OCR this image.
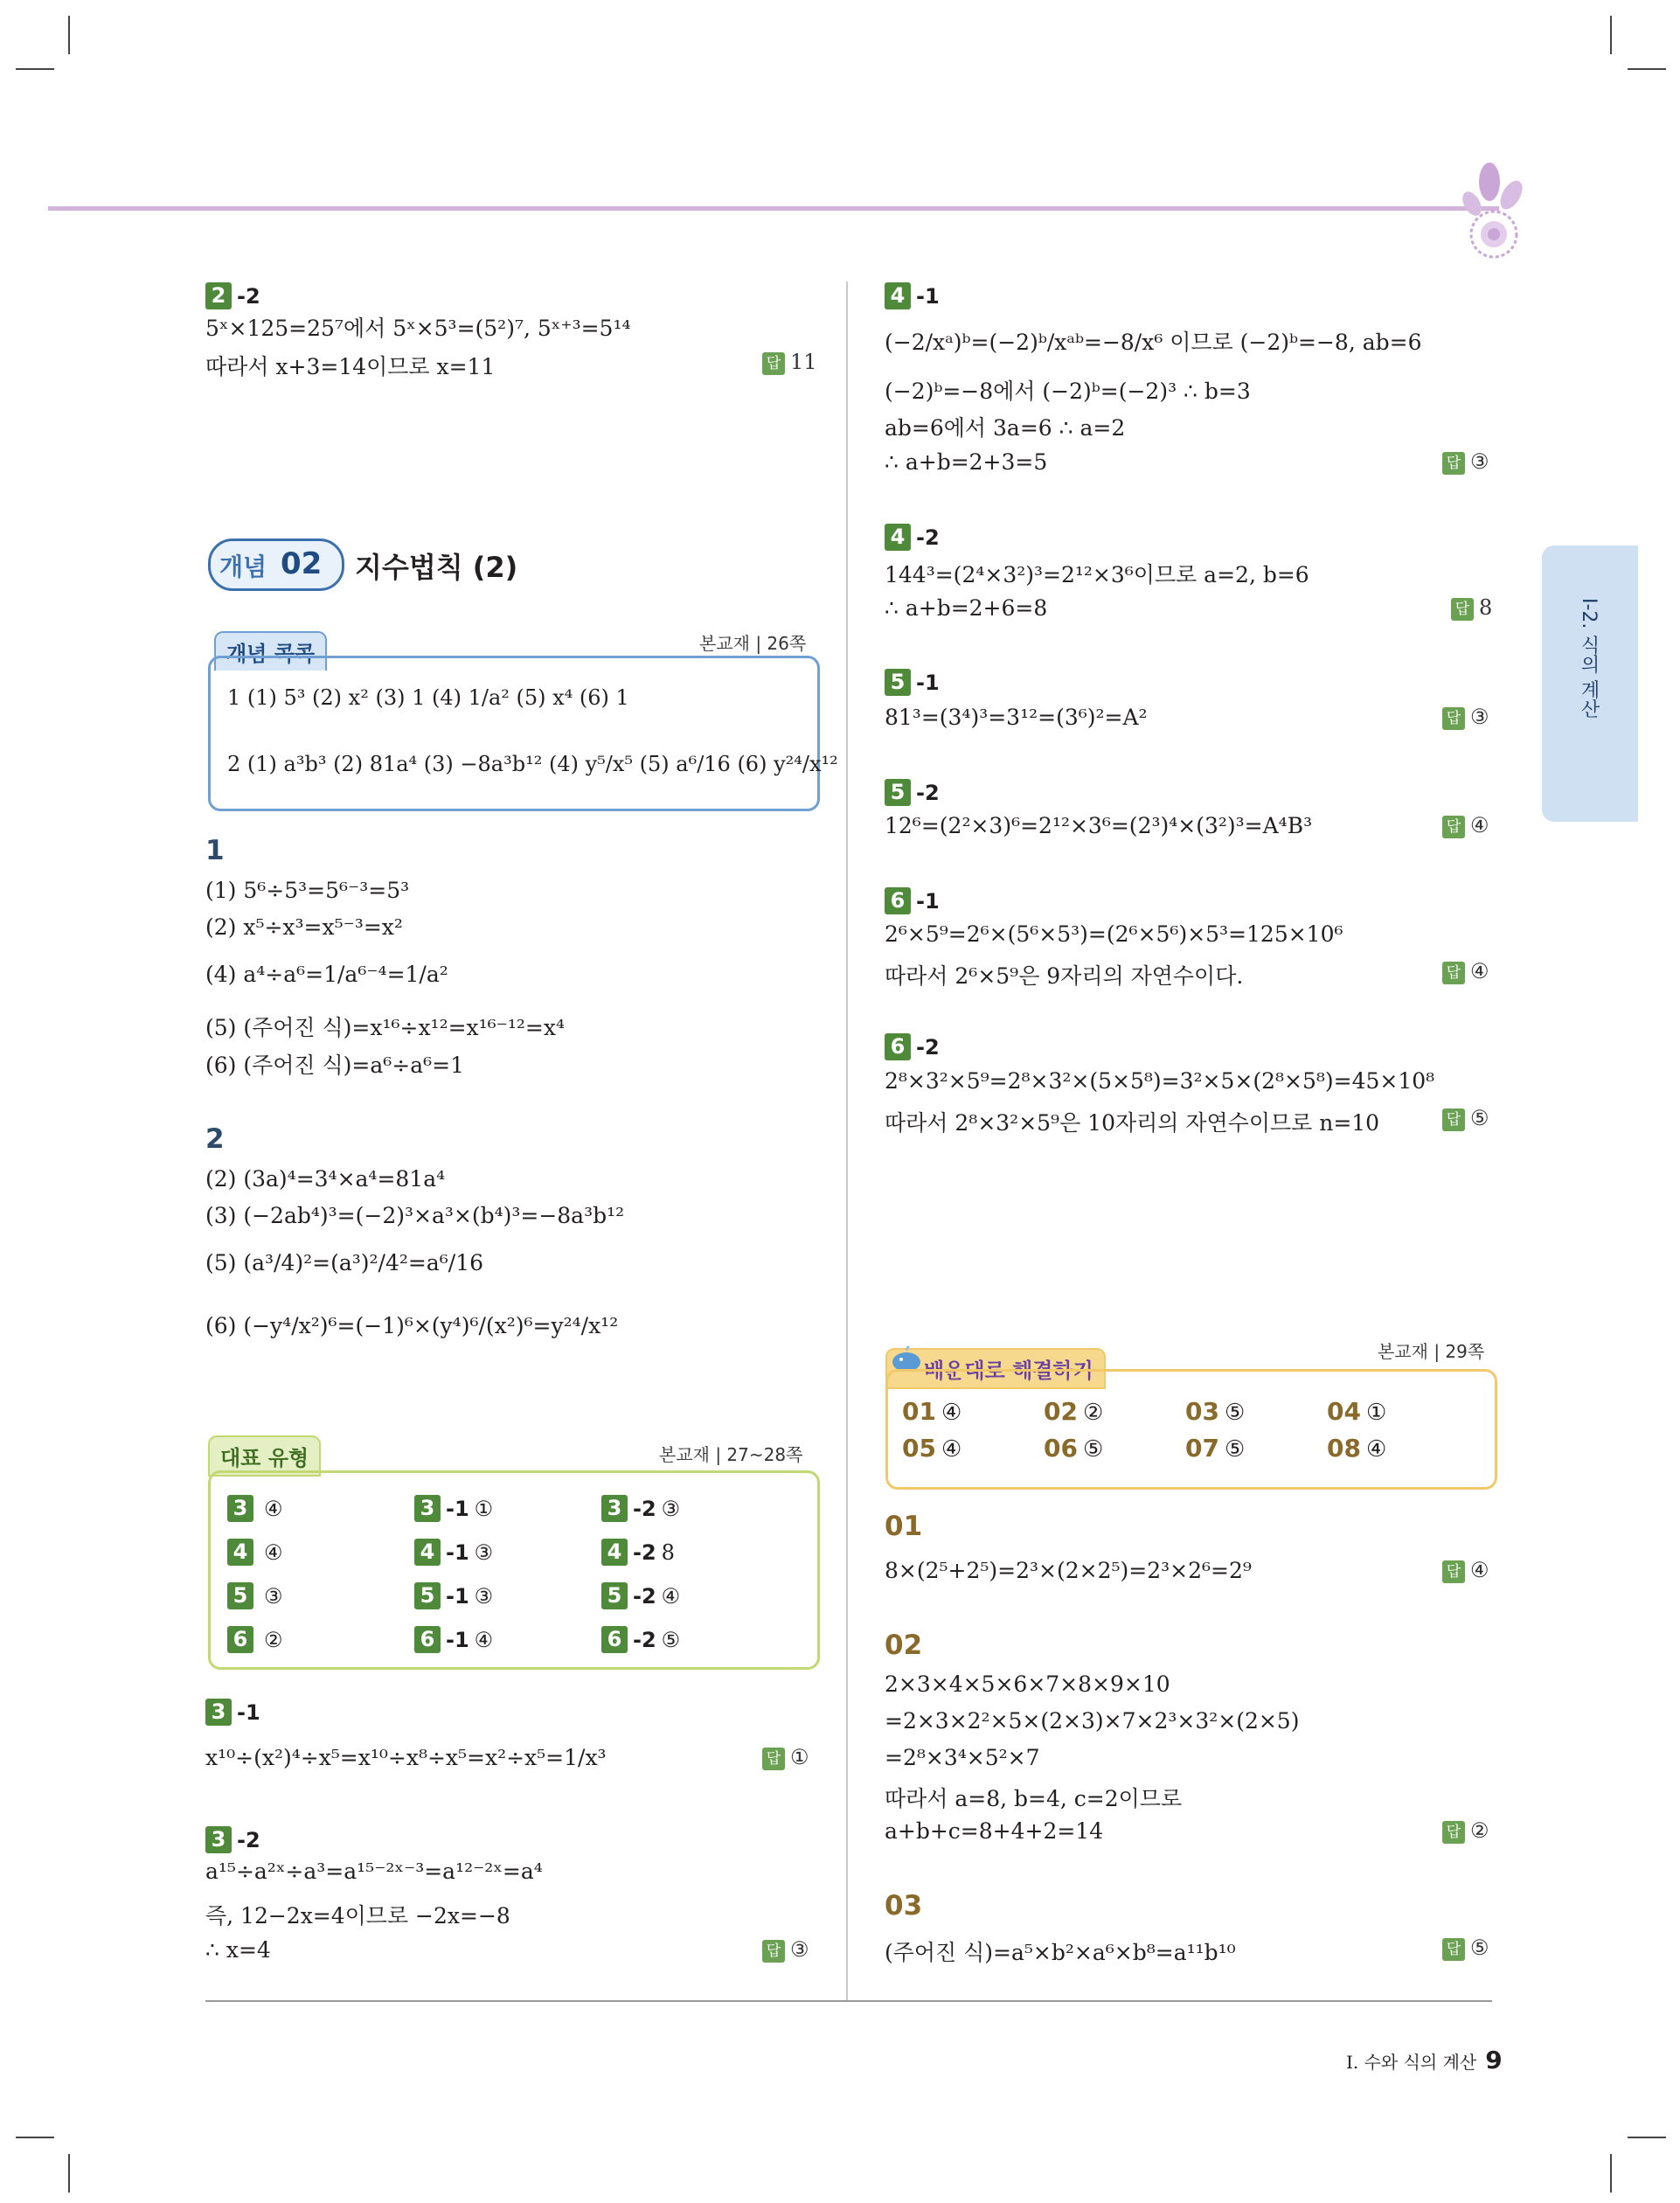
2 -2
5ˣ×125=25⁷에서 5ˣ×5³=(5²)⁷, 5ˣ⁺³=5¹⁴
따라서 x+3=14이므로 x=11	답 11
개념 02 지수법칙 (2)
개념 콕콕	본교재 | 26쪽
1 (1) 5³ (2) x² (3) 1 (4) 1/a² (5) x⁴ (6) 1
2 (1) a³b³ (2) 81a⁴ (3) −8a³b¹² (4) y⁵/x⁵ (5) a⁶/16 (6) y²⁴/x¹²
1
(1) 5⁶÷5³=5⁶⁻³=5³
(2) x⁵÷x³=x⁵⁻³=x²
(4) a⁴÷a⁶=1/a⁶⁻⁴=1/a²
(5) (주어진 식)=x¹⁶÷x¹²=x¹⁶⁻¹²=x⁴
(6) (주어진 식)=a⁶÷a⁶=1
2
(2) (3a)⁴=3⁴×a⁴=81a⁴
(3) (−2ab⁴)³=(−2)³×a³×(b⁴)³=−8a³b¹²
(5) (a³/4)²=(a³)²/4²=a⁶/16
(6) (−y⁴/x²)⁶=(−1)⁶×(y⁴)⁶/(x²)⁶=y²⁴/x¹²
대표 유형	본교재 | 27~28쪽
3 ④	3 -1 ①	3 -2 ③
4 ④	4 -1 ③	4 -2 8
5 ③	5 -1 ③	5 -2 ④
6 ②	6 -1 ④	6 -2 ⑤
3 -1
x¹⁰÷(x²)⁴÷x⁵=x¹⁰÷x⁸÷x⁵=x²÷x⁵=1/x³	답 ①
3 -2
a¹⁵÷a²ˣ÷a³=a¹⁵⁻²ˣ⁻³=a¹²⁻²ˣ=a⁴
즉, 12−2x=4이므로 −2x=−8
∴ x=4	답 ③
4 -1
(−2/xᵃ)ᵇ=(−2)ᵇ/xᵃᵇ=−8/x⁶ 이므로 (−2)ᵇ=−8, ab=6
(−2)ᵇ=−8에서 (−2)ᵇ=(−2)³ ∴ b=3
ab=6에서 3a=6 ∴ a=2
∴ a+b=2+3=5	답 ③
4 -2
144³=(2⁴×3²)³=2¹²×3⁶이므로 a=2, b=6
∴ a+b=2+6=8	답 8
5 -1
81³=(3⁴)³=3¹²=(3⁶)²=A²	답 ③
5 -2
12⁶=(2²×3)⁶=2¹²×3⁶=(2³)⁴×(3²)³=A⁴B³	답 ④
6 -1
2⁶×5⁹=2⁶×(5⁶×5³)=(2⁶×5⁶)×5³=125×10⁶
따라서 2⁶×5⁹은 9자리의 자연수이다.	답 ④
6 -2
2⁸×3²×5⁹=2⁸×3²×(5×5⁸)=3²×5×(2⁸×5⁸)=45×10⁸
따라서 2⁸×3²×5⁹은 10자리의 자연수이므로 n=10	답 ⑤
배운대로 해결하기
본교재 | 29쪽
01 ④	02 ②	03 ⑤	04 ①
05 ④	06 ⑤	07 ⑤	08 ④
01
8×(2⁵+2⁵)=2³×(2×2⁵)=2³×2⁶=2⁹	답 ④
02
2×3×4×5×6×7×8×9×10
=2×3×2²×5×(2×3)×7×2³×3²×(2×5)
=2⁸×3⁴×5²×7
따라서 a=8, b=4, c=2이므로
a+b+c=8+4+2=14	답 ②
03
(주어진 식)=a⁵×b²×a⁶×b⁸=a¹¹b¹⁰	답 ⑤
I-2. 식의 계산
I. 수와 식의 계산 9
